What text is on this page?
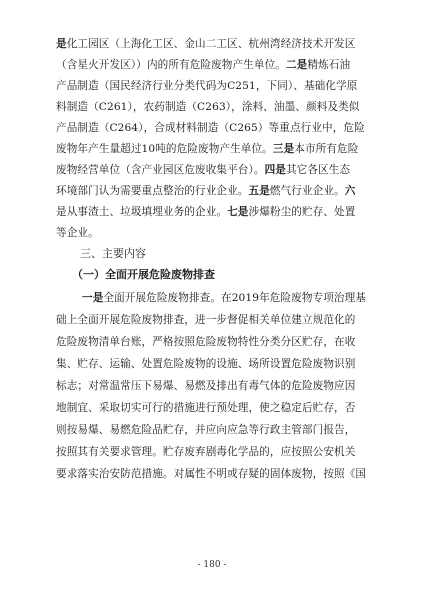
是化工园区（上海化工区、金山二工区、杭州湾经济技术开发区
（含星火开发区））内的所有危险废物产生单位。二是精炼石油
产品制造（国民经济行业分类代码为C251，下同）、基础化学原
料制造（C261），农药制造（C263），涂料、油墨、颜料及类似
产品制造（C264），合成材料制造（C265）等重点行业中，危险
废物年产生量超过10吨的危险废物产生单位。三是本市所有危险
废物经营单位（含产业园区危废收集平台）。四是其它各区生态
环境部门认为需要重点整治的行业企业。五是燃气行业企业。六
是从事渣土、垃圾填埋业务的企业。七是涉爆粉尘的贮存、处置
等企业。
三、主要内容
（一）全面开展危险废物排查
一是全面开展危险废物排查。在2019年危险废物专项治理基
础上全面开展危险废物排查，进一步督促相关单位建立规范化的
危险废物清单台账，严格按照危险废物特性分类分区贮存，在收
集、贮存、运输、处置危险废物的设施、场所设置危险废物识别
标志；对常温常压下易爆、易燃及排出有毒气体的危险废物应因
地制宜、采取切实可行的措施进行预处理，使之稳定后贮存，否
则按易爆、易燃危险品贮存，并应向应急等行政主管部门报告，
按照其有关要求管理。贮存废弃剧毒化学品的，应按照公安机关
要求落实治安防范措施。对属性不明或存疑的固体废物，按照《国
- 180 -
